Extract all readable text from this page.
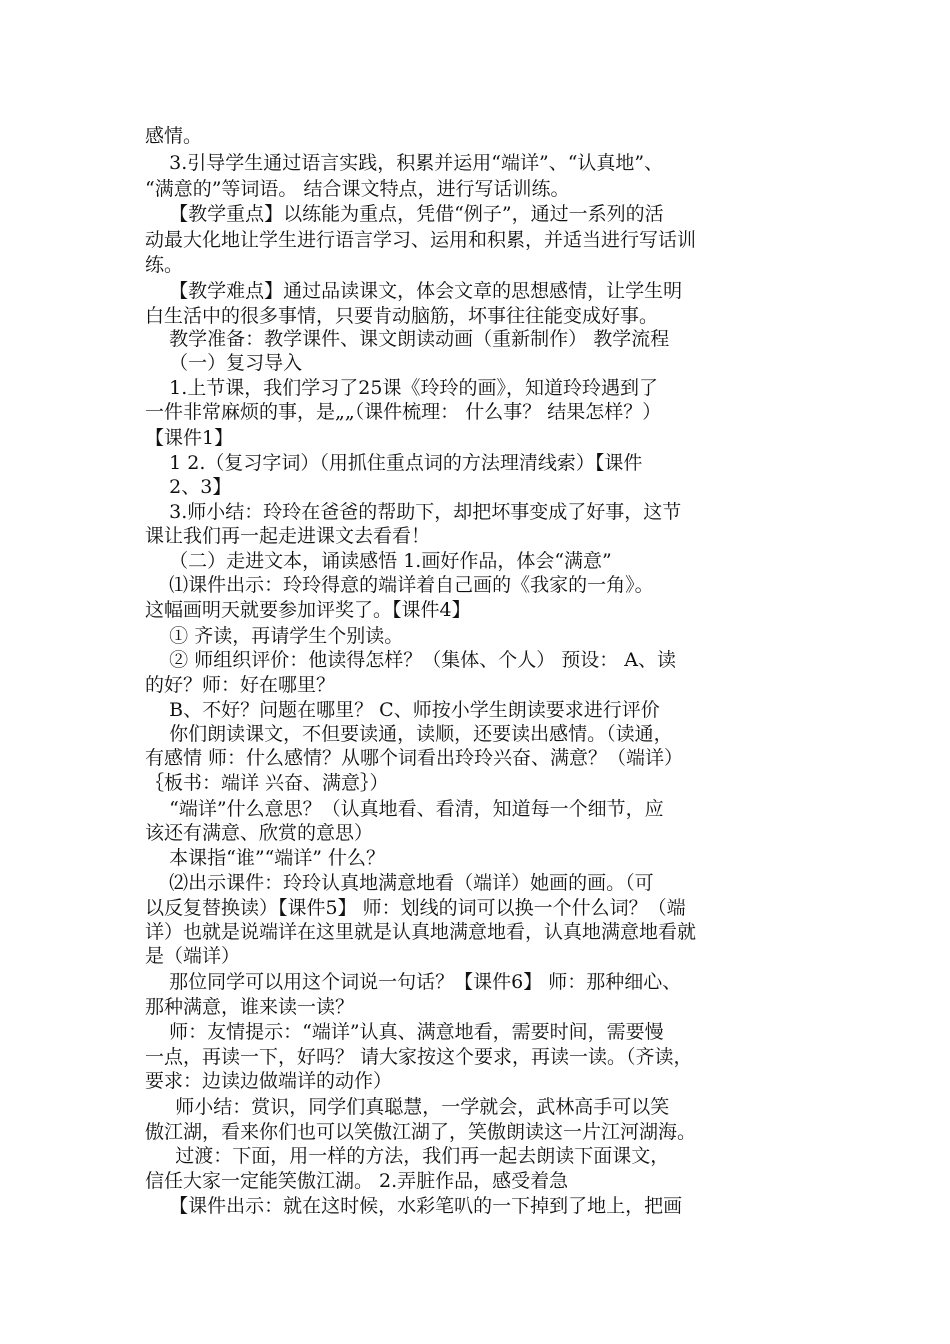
感情。
3.引导学生通过语言实践，积累并运用“端详”、“认真地”、
“满意的”等词语。 结合课文特点，进行写话训练。
【教学重点】以练能为重点，凭借“例子”，通过一系列的活
动最大化地让学生进行语言学习、运用和积累，并适当进行写话训
练。
【教学难点】通过品读课文，体会文章的思想感情，让学生明
白生活中的很多事情，只要肯动脑筋，坏事往往能变成好事。
教学准备：教学课件、课文朗读动画（重新制作） 教学流程
（一）复习导入
1.上节课，我们学习了25课《玲玲的画》，知道玲玲遇到了
一件非常麻烦的事，是„„（课件梳理： 什么事？ 结果怎样？）
【课件1】
1 2.（复习字词）（用抓住重点词的方法理清线索）【课件
2、3】
3.师小结：玲玲在爸爸的帮助下，却把坏事变成了好事，这节
课让我们再一起走进课文去看看！
（二）走进文本，诵读感悟 1.画好作品，体会“满意”
⑴课件出示：玲玲得意的端详着自己画的《我家的一角》。
这幅画明天就要参加评奖了。【课件4】
① 齐读，再请学生个别读。
② 师组织评价：他读得怎样？（集体、个人） 预设： A、读
的好？师：好在哪里？
B、不好？问题在哪里？ C、师按小学生朗读要求进行评价
你们朗读课文，不但要读通，读顺，还要读出感情。（读通，
有感情 师：什么感情？从哪个词看出玲玲兴奋、满意？（端详）
｛板书：端详 兴奋、满意｝）
“端详”什么意思？（认真地看、看清，知道每一个细节，应
该还有满意、欣赏的意思）
本课指“谁”“端详” 什么？
⑵出示课件：玲玲认真地满意地看（端详）她画的画。（可
以反复替换读）【课件5】 师：划线的词可以换一个什么词？（端
详）也就是说端详在这里就是认真地满意地看，认真地满意地看就
是（端详）
那位同学可以用这个词说一句话？【课件6】 师：那种细心、
那种满意，谁来读一读？
师：友情提示：“端详”认真、满意地看，需要时间，需要慢
一点，再读一下，好吗？ 请大家按这个要求，再读一读。（齐读，
要求：边读边做端详的动作）
师小结：赏识，同学们真聪慧，一学就会，武林高手可以笑
傲江湖，看来你们也可以笑傲江湖了，笑傲朗读这一片江河湖海。
过渡：下面，用一样的方法，我们再一起去朗读下面课文，
信任大家一定能笑傲江湖。 2.弄脏作品，感受着急
【课件出示：就在这时候，水彩笔叭的一下掉到了地上，把画
